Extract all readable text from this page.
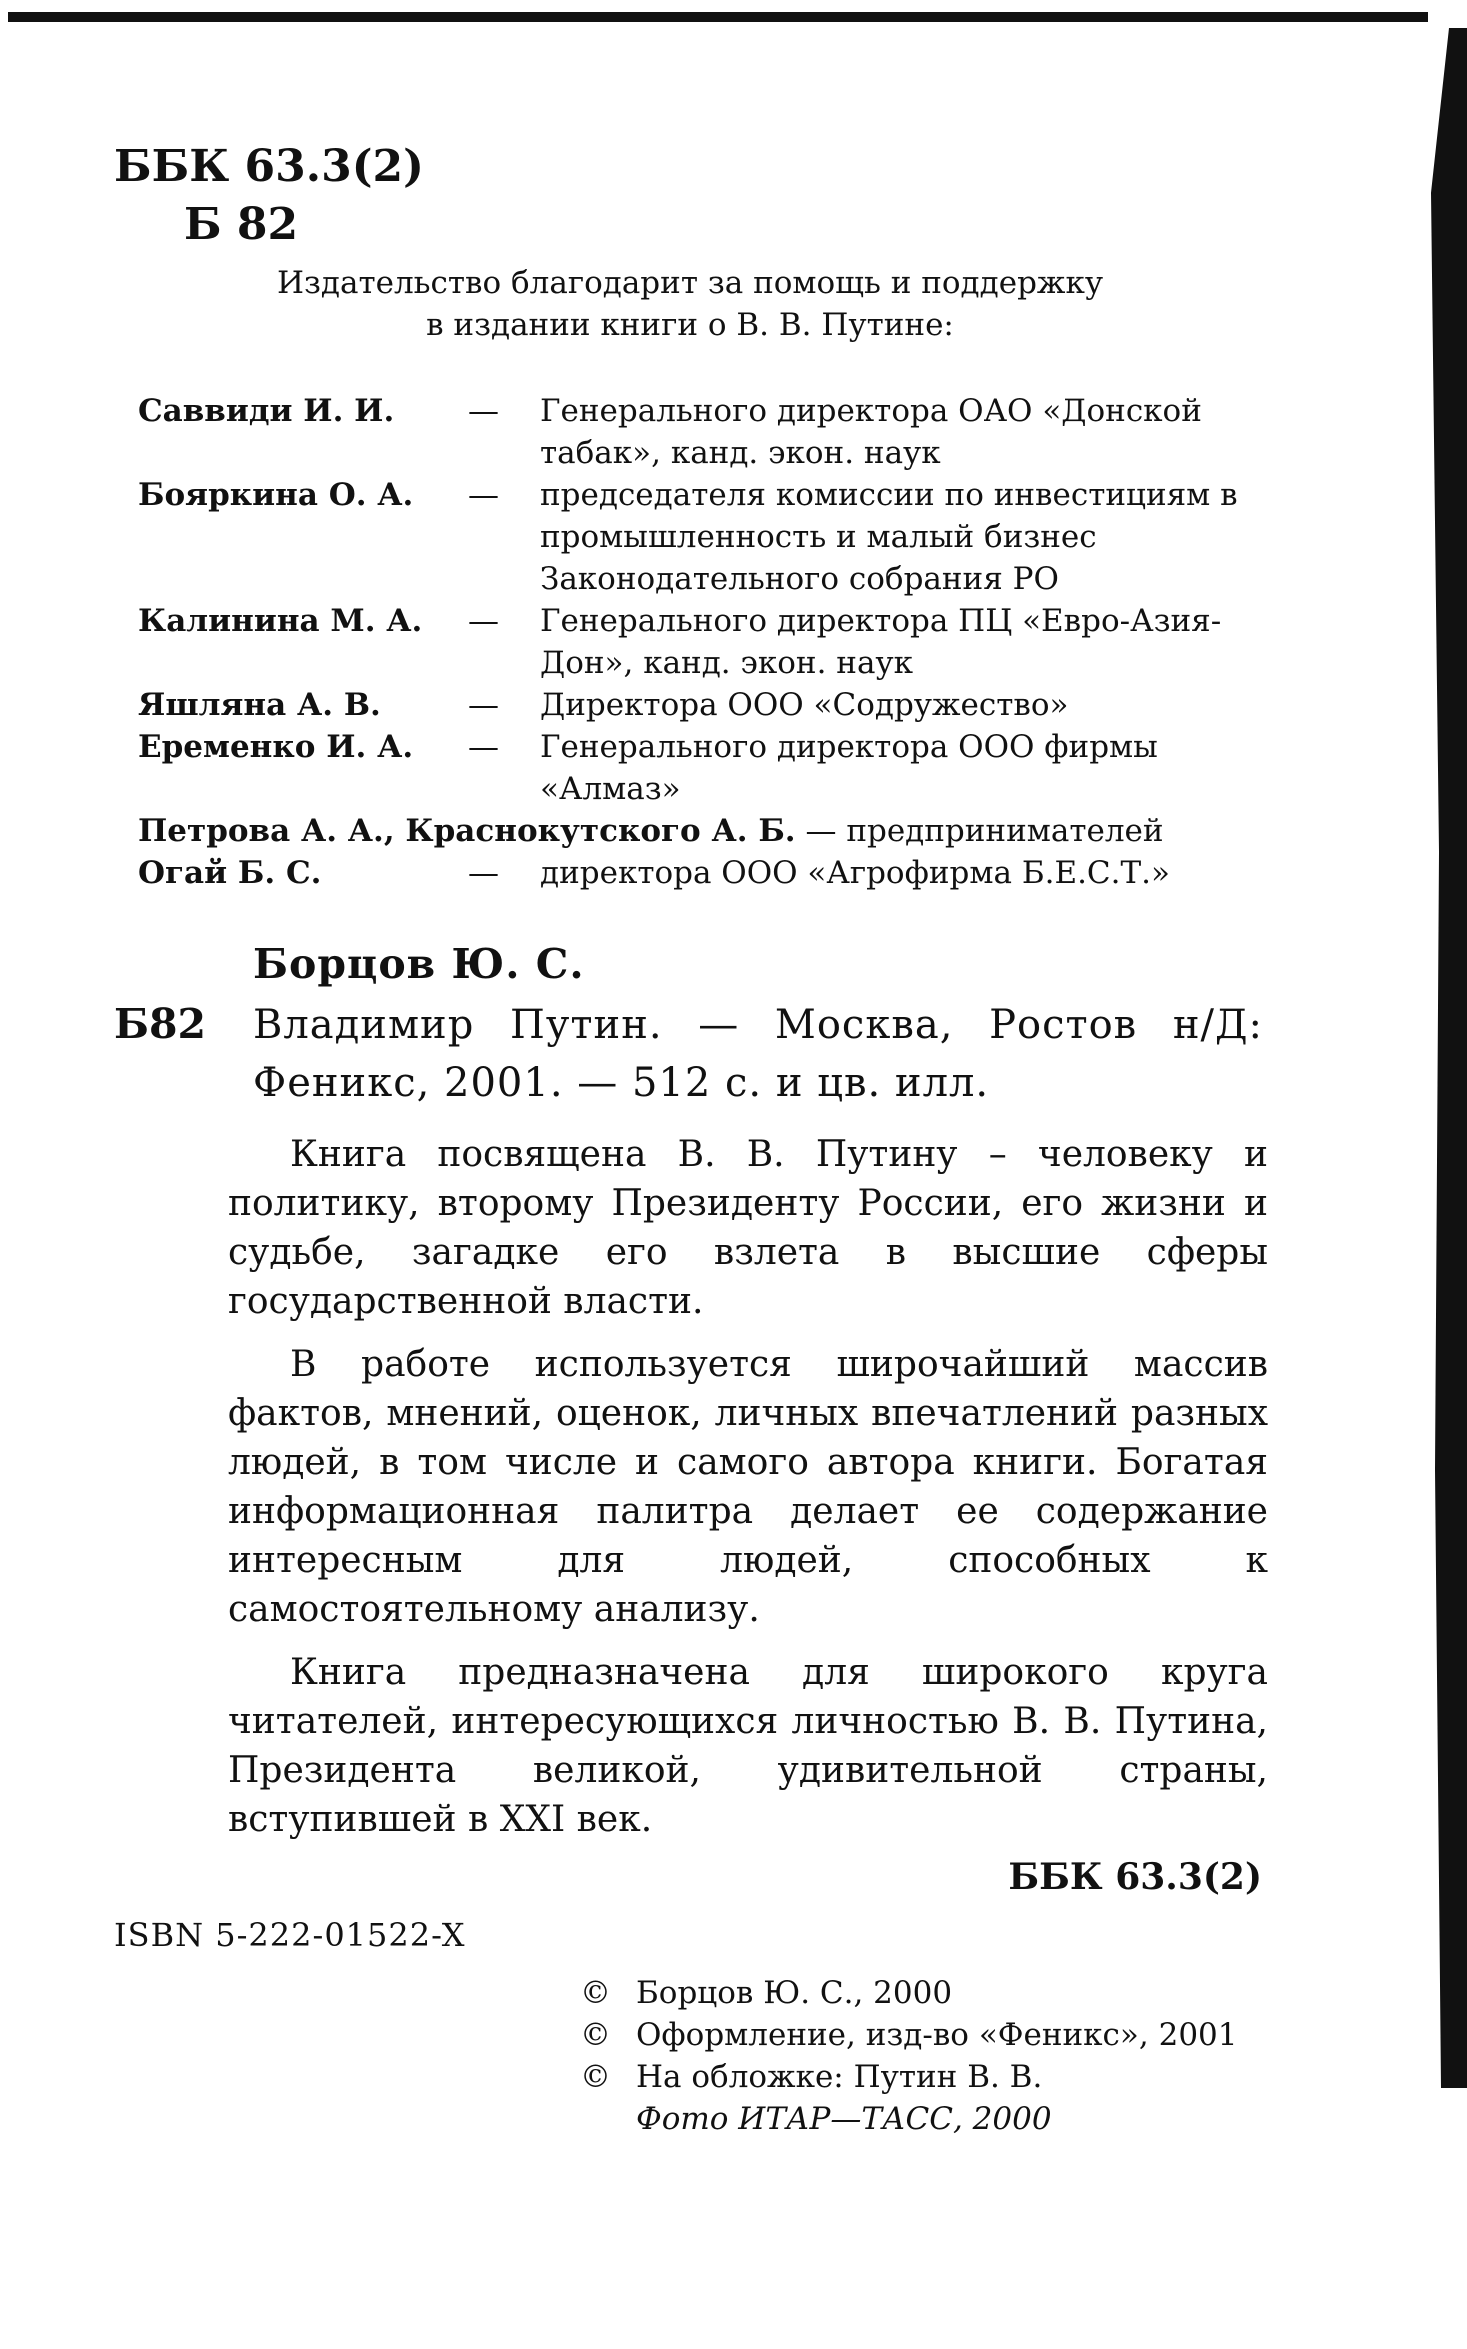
ББК 63.3(2)
Б 82
Издательство благодарит за помощь и поддержку
в издании книги о В. В. Путине:
Саввиди И. И.	—	Генерального директора ОАО «Донской табак», канд. экон. наук
Бояркина О. А.	—	председателя комиссии по инвестициям в промышленность и малый бизнес Законодательного собрания РО
Калинина М. А.	—	Генерального директора ПЦ «Евро-Азия-Дон», канд. экон. наук
Яшляна А. В.	—	Директора ООО «Содружество»
Еременко И. А.	—	Генерального директора ООО фирмы «Алмаз»
Петрова А. А., Краснокутского А. Б. — предпринимателей
Огай Б. С.	—	директора ООО «Агрофирма Б.Е.С.Т.»
Борцов Ю. С.
Б82 Владимир Путин. — Москва, Ростов н/Д: Феникс, 2001. — 512 с. и цв. илл.

Книга посвящена В. В. Путину – человеку и политику, второму Президенту России, его жизни и судьбе, загадке его взлета в высшие сферы государственной власти.

В работе используется широчайший массив фактов, мнений, оценок, личных впечатлений разных людей, в том числе и самого автора книги. Богатая информационная палитра делает ее содержание интересным для людей, способных к самостоятельному анализу.

Книга предназначена для широкого круга читателей, интересующихся личностью В. В. Путина, Президента великой, удивительной страны, вступившей в XXI век.

ББК 63.3(2)
ISBN 5-222-01522-X
© Борцов Ю. С., 2000
© Оформление, изд-во «Феникс», 2001
© На обложке: Путин В. В.
Фото ИТАР—ТАСС, 2000
